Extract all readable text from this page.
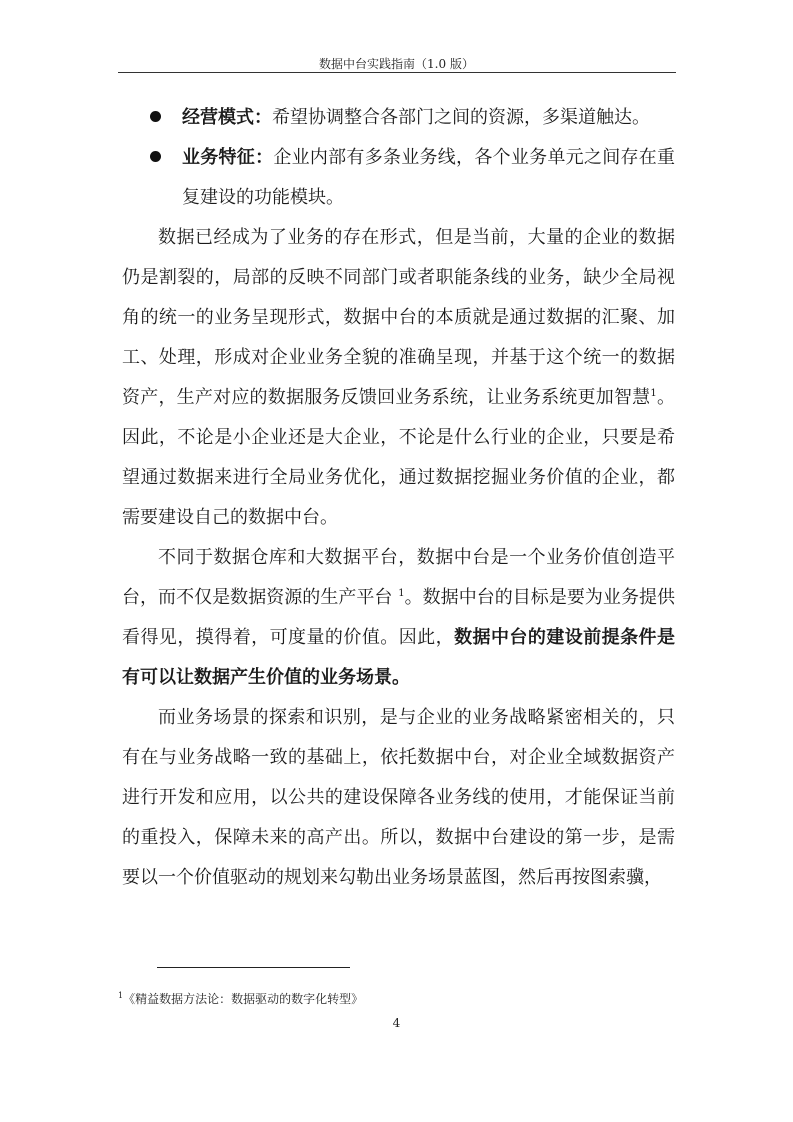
数据中台实践指南（1.0 版）
经营模式：希望协调整合各部门之间的资源，多渠道触达。
业务特征：企业内部有多条业务线，各个业务单元之间存在重复建设的功能模块。

数据已经成为了业务的存在形式，但是当前，大量的企业的数据仍是割裂的，局部的反映不同部门或者职能条线的业务，缺少全局视角的统一的业务呈现形式，数据中台的本质就是通过数据的汇聚、加工、处理，形成对企业业务全貌的准确呈现，并基于这个统一的数据资产，生产对应的数据服务反馈回业务系统，让业务系统更加智慧$^1$。因此，不论是小企业还是大企业，不论是什么行业的企业，只要是希望通过数据来进行全局业务优化，通过数据挖掘业务价值的企业，都需要建设自己的数据中台。

不同于数据仓库和大数据平台，数据中台是一个业务价值创造平台，而不仅是数据资源的生产平台 $^1$。数据中台的目标是要为业务提供看得见，摸得着，可度量的价值。因此，数据中台的建设前提条件是有可以让数据产生价值的业务场景。

而业务场景的探索和识别，是与企业的业务战略紧密相关的，只有在与业务战略一致的基础上，依托数据中台，对企业全域数据资产进行开发和应用，以公共的建设保障各业务线的使用，才能保证当前的重投入，保障未来的高产出。所以，数据中台建设的第一步，是需要以一个价值驱动的规划来勾勒出业务场景蓝图，然后再按图索骥，

$^1$《精益数据方法论：数据驱动的数字化转型》
4
